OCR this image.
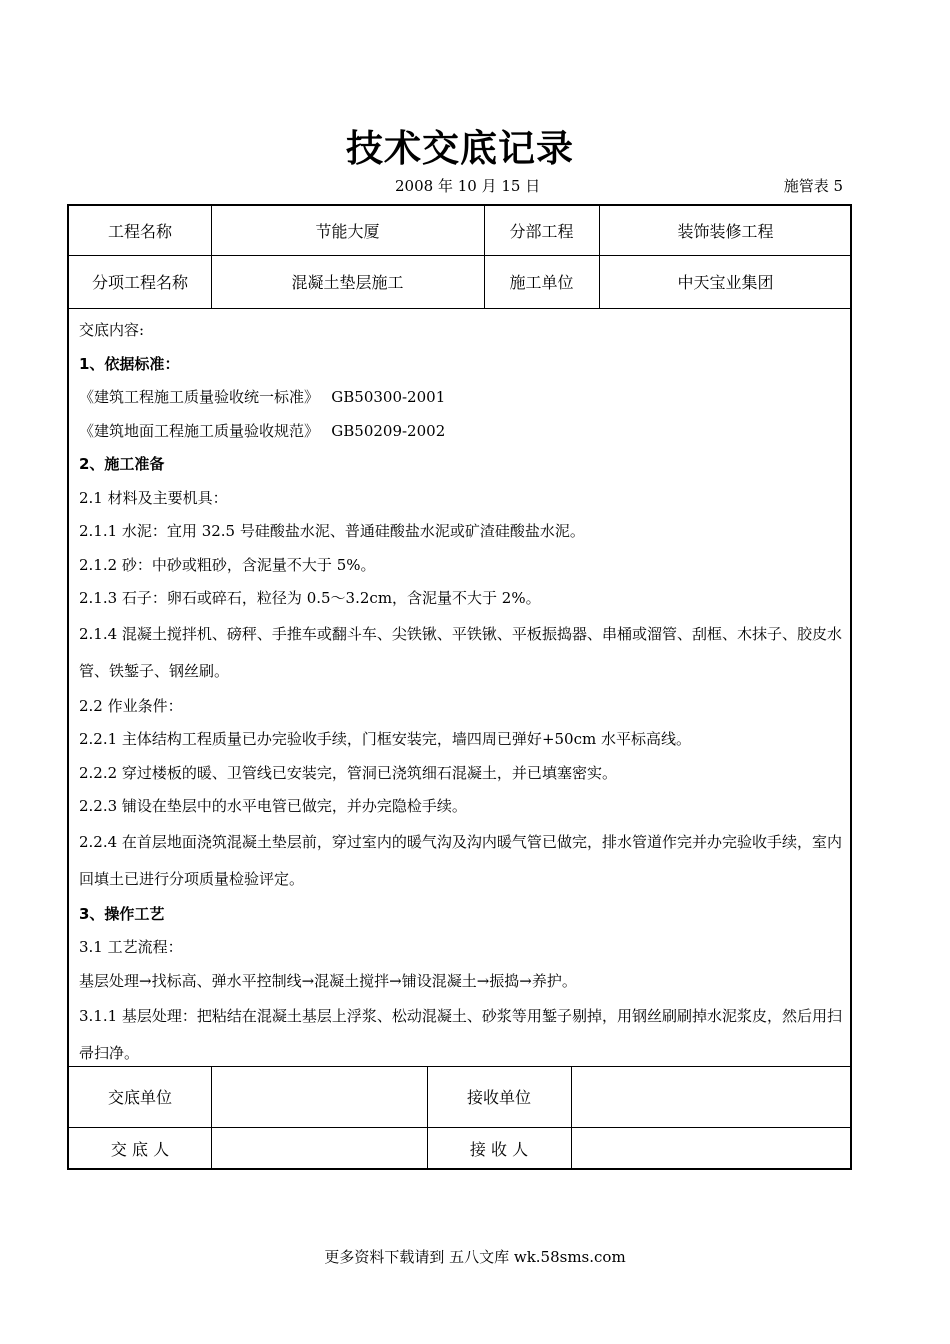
技术交底记录
2008 年 10 月 15 日	施管表 5
工程名称	节能大厦	分部工程	装饰装修工程
分项工程名称	混凝土垫层施工	施工单位	中天宝业集团
交底内容:
1、依据标准：
《建筑工程施工质量验收统一标准》　 GB50300-2001
《建筑地面工程施工质量验收规范》　 GB50209-2002
2、施工准备
2.1 材料及主要机具：
2.1.1 水泥：宜用 32.5 号硅酸盐水泥、普通硅酸盐水泥或矿渣硅酸盐水泥。
2.1.2 砂：中砂或粗砂，含泥量不大于 5%。
2.1.3 石子：卵石或碎石，粒径为 0.5～3.2cm，含泥量不大于 2%。
2.1.4 混凝土搅拌机、磅秤、手推车或翻斗车、尖铁锹、平铁锹、平板振捣器、串桶或溜管、刮框、木抹子、胶皮水管、铁錾子、钢丝刷。
2.2 作业条件：
2.2.1 主体结构工程质量已办完验收手续，门框安装完，墙四周已弹好+50cm 水平标高线。
2.2.2 穿过楼板的暖、卫管线已安装完，管洞已浇筑细石混凝土，并已填塞密实。
2.2.3 铺设在垫层中的水平电管已做完，并办完隐检手续。
2.2.4 在首层地面浇筑混凝土垫层前，穿过室内的暖气沟及沟内暖气管已做完，排水管道作完并办完验收手续，室内回填土已进行分项质量检验评定。
3、操作工艺
3.1 工艺流程：
基层处理→找标高、弹水平控制线→混凝土搅拌→铺设混凝土→振捣→养护。
3.1.1 基层处理：把粘结在混凝土基层上浮浆、松动混凝土、砂浆等用錾子剔掉，用钢丝刷刷掉水泥浆皮，然后用扫帚扫净。
交底单位	接收单位
交 底 人	接 收 人
更多资料下载请到 五八文库 wk.58sms.com
